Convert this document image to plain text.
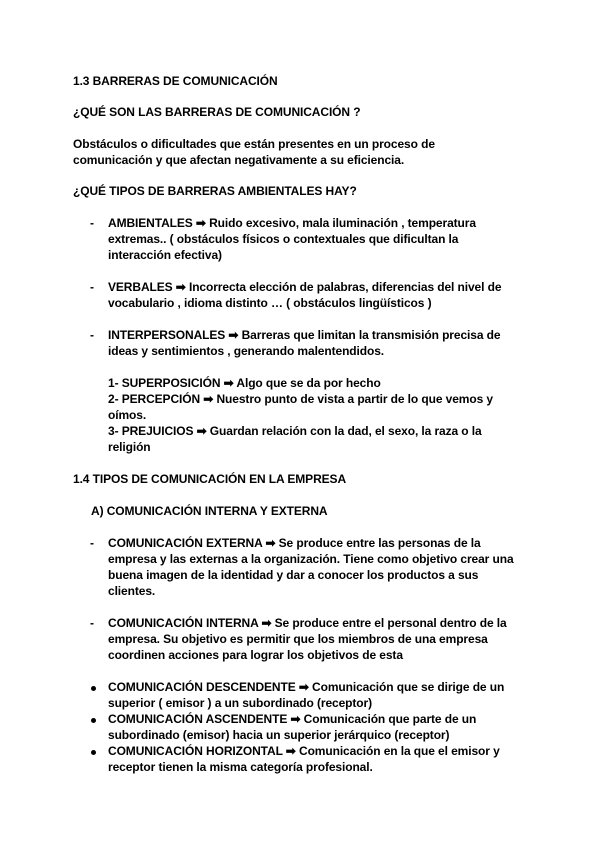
1.3 BARRERAS DE COMUNICACIÓN
¿QUÉ SON LAS BARRERAS DE COMUNICACIÓN ?
Obstáculos o dificultades que están presentes en un proceso de
comunicación y que afectan negativamente a su eficiencia.
¿QUÉ TIPOS DE BARRERAS AMBIENTALES HAY?
- AMBIENTALES ➡ Ruido excesivo, mala iluminación , temperatura
extremas.. ( obstáculos físicos o contextuales que dificultan la
interacción efectiva)
- VERBALES ➡ Incorrecta elección de palabras, diferencias del nivel de
vocabulario , idioma distinto … ( obstáculos lingüísticos )
- INTERPERSONALES ➡ Barreras que limitan la transmisión precisa de
ideas y sentimientos , generando malentendidos.
1- SUPERPOSICIÓN ➡ Algo que se da por hecho
2- PERCEPCIÓN ➡ Nuestro punto de vista a partir de lo que vemos y
oímos.
3- PREJUICIOS ➡ Guardan relación con la dad, el sexo, la raza o la
religión
1.4 TIPOS DE COMUNICACIÓN EN LA EMPRESA
A) COMUNICACIÓN INTERNA Y EXTERNA
- COMUNICACIÓN EXTERNA ➡ Se produce entre las personas de la
empresa y las externas a la organización. Tiene como objetivo crear una
buena imagen de la identidad y dar a conocer los productos a sus
clientes.
- COMUNICACIÓN INTERNA ➡ Se produce entre el personal dentro de la
empresa. Su objetivo es permitir que los miembros de una empresa
coordinen acciones para lograr los objetivos de esta
COMUNICACIÓN DESCENDENTE ➡ Comunicación que se dirige de un
superior ( emisor ) a un subordinado (receptor)
COMUNICACIÓN ASCENDENTE ➡ Comunicación que parte de un
subordinado (emisor) hacia un superior jerárquico (receptor)
COMUNICACIÓN HORIZONTAL ➡ Comunicación en la que el emisor y
receptor tienen la misma categoría profesional.
